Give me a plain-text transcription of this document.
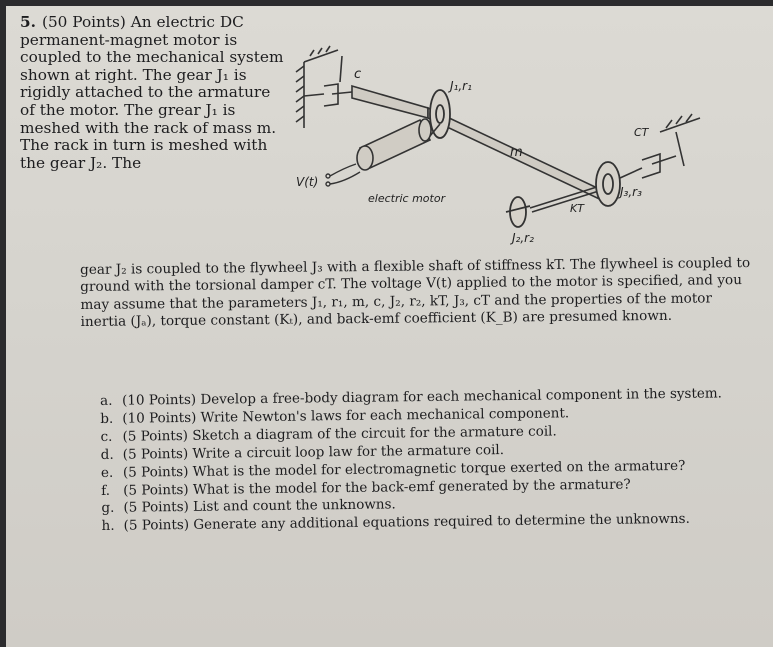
5. (50 Points) An electric DC permanent-magnet motor is coupled to the mechanical system shown at right. The gear J₁ is rigidly attached to the armature of the motor. The grear J₁ is meshed with the rack of mass m. The rack in turn is meshed with the gear J₂. The
c
J₁,r₁
V(t)
electric motor
m
J₂,r₂
KT
J₃,r₃
CT
gear J₂ is coupled to the flywheel J₃ with a flexible shaft of stiffness kT. The flywheel is coupled to ground with the torsional damper cT. The voltage V(t) applied to the motor is specified, and you may assume that the parameters J₁, r₁, m, c, J₂, r₂, kT, J₃, cT and the properties of the motor inertia (Jₐ), torque constant (Kₜ), and back-emf coefficient (K_B) are presumed known.
a. (10 Points) Develop a free-body diagram for each mechanical component in the system.
b. (10 Points) Write Newton's laws for each mechanical component.
c. (5 Points) Sketch a diagram of the circuit for the armature coil.
d. (5 Points) Write a circuit loop law for the armature coil.
e. (5 Points) What is the model for electromagnetic torque exerted on the armature?
f. (5 Points) What is the model for the back-emf generated by the armature?
g. (5 Points) List and count the unknowns.
h. (5 Points) Generate any additional equations required to determine the unknowns.
